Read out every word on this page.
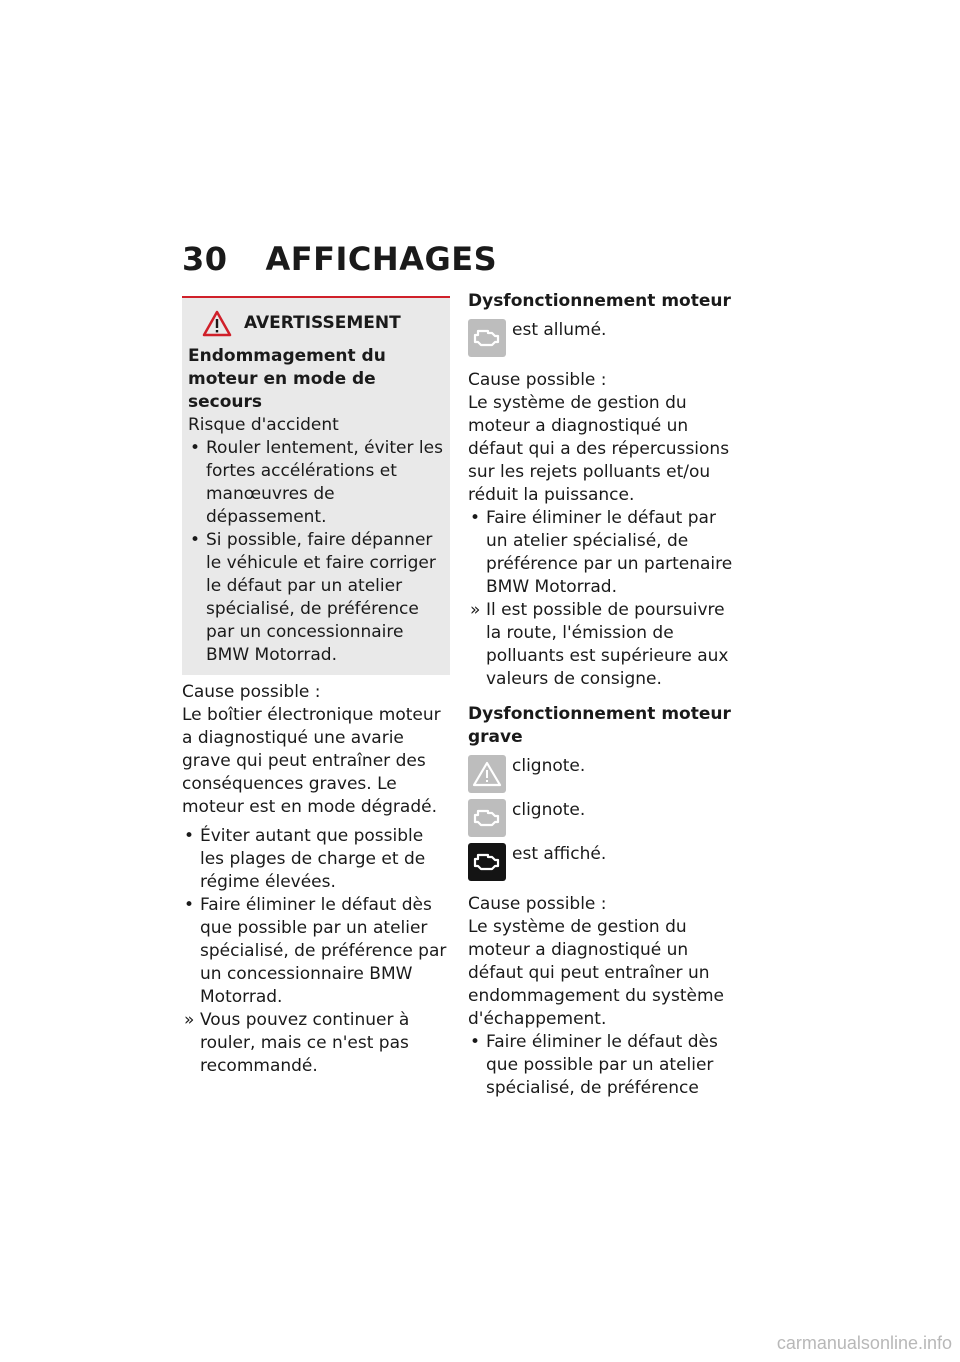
30 AFFICHAGES
AVERTISSEMENT

Endommagement du moteur en mode de secours

Risque d'accident

• Rouler lentement, éviter les fortes accélérations et manœuvres de dépassement.
• Si possible, faire dépanner le véhicule et faire corriger le défaut par un atelier spécialisé, de préférence par un concessionnaire BMW Motorrad.

Cause possible :

Le boîtier électronique moteur a diagnostiqué une avarie grave qui peut entraîner des conséquences graves. Le moteur est en mode dégradé.

• Éviter autant que possible les plages de charge et de régime élevées.
• Faire éliminer le défaut dès que possible par un atelier spécialisé, de préférence par un concessionnaire BMW Motorrad.
» Vous pouvez continuer à rouler, mais ce n'est pas recommandé.

Dysfonctionnement moteur

est allumé.

Cause possible :

Le système de gestion du moteur a diagnostiqué un défaut qui a des répercussions sur les rejets polluants et/ou réduit la puissance.

• Faire éliminer le défaut par un atelier spécialisé, de préférence par un partenaire BMW Motorrad.
» Il est possible de poursuivre la route, l'émission de polluants est supérieure aux valeurs de consigne.

Dysfonctionnement moteur grave

clignote.
clignote.
est affiché.

Cause possible :

Le système de gestion du moteur a diagnostiqué un défaut qui peut entraîner un endommagement du système d'échappement.

• Faire éliminer le défaut dès que possible par un atelier spécialisé, de préférence
carmanualsonline.info
